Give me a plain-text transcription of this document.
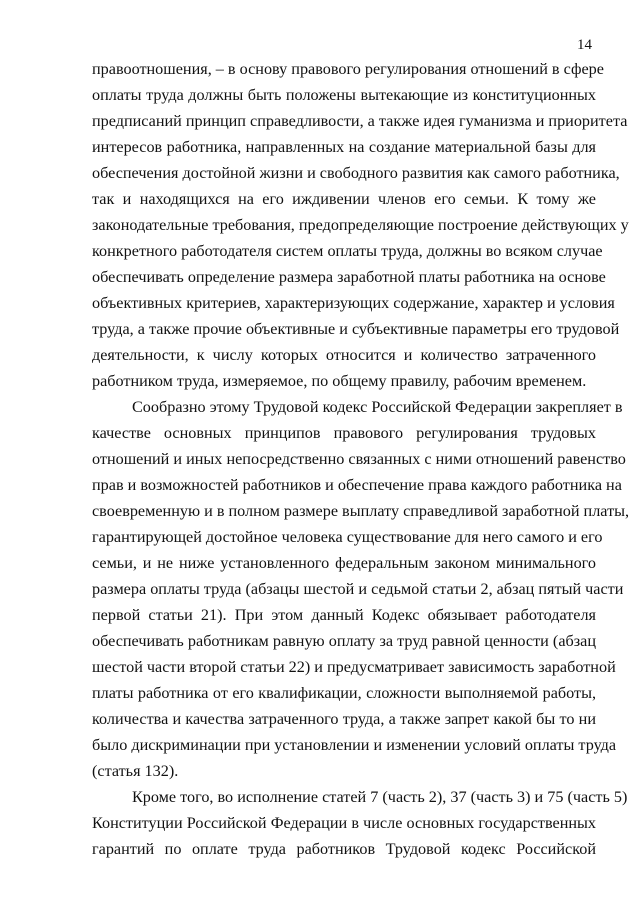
14
правоотношения, – в основу правового регулирования отношений в сфере
оплаты труда должны быть положены вытекающие из конституционных
предписаний принцип справедливости, а также идея гуманизма и приоритета
интересов работника, направленных на создание материальной базы для
обеспечения достойной жизни и свободного развития как самого работника,
так и находящихся на его иждивении членов его семьи. К тому же
законодательные требования, предопределяющие построение действующих у
конкретного работодателя систем оплаты труда, должны во всяком случае
обеспечивать определение размера заработной платы работника на основе
объективных критериев, характеризующих содержание, характер и условия
труда, а также прочие объективные и субъективные параметры его трудовой
деятельности, к числу которых относится и количество затраченного
работником труда, измеряемое, по общему правилу, рабочим временем.
Сообразно этому Трудовой кодекс Российской Федерации закрепляет в
качестве основных принципов правового регулирования трудовых
отношений и иных непосредственно связанных с ними отношений равенство
прав и возможностей работников и обеспечение права каждого работника на
своевременную и в полном размере выплату справедливой заработной платы,
гарантирующей достойное человека существование для него самого и его
семьи, и не ниже установленного федеральным законом минимального
размера оплаты труда (абзацы шестой и седьмой статьи 2, абзац пятый части
первой статьи 21). При этом данный Кодекс обязывает работодателя
обеспечивать работникам равную оплату за труд равной ценности (абзац
шестой части второй статьи 22) и предусматривает зависимость заработной
платы работника от его квалификации, сложности выполняемой работы,
количества и качества затраченного труда, а также запрет какой бы то ни
было дискриминации при установлении и изменении условий оплаты труда
(статья 132).
Кроме того, во исполнение статей 7 (часть 2), 37 (часть 3) и 75 (часть 5)
Конституции Российской Федерации в числе основных государственных
гарантий по оплате труда работников Трудовой кодекс Российской
